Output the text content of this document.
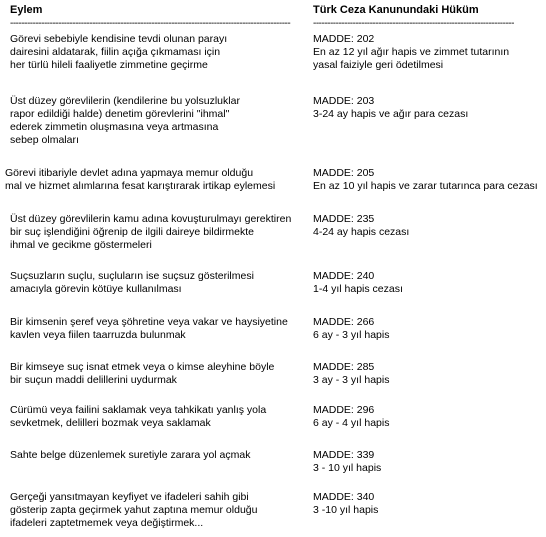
Eylem	Türk Ceza Kanunundaki Hüküm
--------------------------------------------------------------------------------------------------- -----------------------------------------------------------------------
Görevi sebebiyle kendisine tevdi olunan parayı
dairesini aldatarak, fiilin açığa çıkmaması için
her türlü hileli faaliyetle zimmetine geçirme
MADDE: 202
En az 12 yıl ağır hapis ve zimmet tutarının
yasal faiziyle geri ödetilmesi
Üst düzey görevlilerin (kendilerine bu yolsuzluklar
rapor edildiği halde) denetim görevlerini "ihmal"
ederek zimmetin oluşmasına veya artmasına
sebep olmaları
MADDE: 203
3-24 ay hapis ve ağır para cezası
Görevi itibariyle devlet adına yapmaya memur olduğu
mal ve hizmet alımlarına fesat karıştırarak irtikap eylemesi
MADDE: 205
En az 10 yıl hapis ve zarar tutarınca para cezası
Üst düzey görevlilerin kamu adına kovuşturulmayı gerektiren
bir suç işlendiğini öğrenip de ilgili daireye bildirmekte
ihmal ve gecikme göstermeleri
MADDE: 235
4-24 ay hapis cezası
Suçsuzların suçlu, suçluların ise suçsuz gösterilmesi
amacıyla görevin kötüye kullanılması
MADDE: 240
1-4 yıl hapis cezası
Bir kimsenin şeref veya şöhretine veya vakar ve haysiyetine
kavlen veya fiilen taarruzda bulunmak
MADDE: 266
6 ay - 3 yıl hapis
Bir kimseye suç isnat etmek veya o kimse aleyhine böyle
bir suçun maddi delillerini uydurmak
MADDE: 285
3 ay - 3 yıl hapis
Cürümü veya failini saklamak veya tahkikatı yanlış yola
sevketmek, delilleri bozmak veya saklamak
MADDE: 296
6 ay - 4 yıl hapis
Sahte belge düzenlemek suretiyle zarara yol açmak	MADDE: 339
3 - 10 yıl hapis
Gerçeği yansıtmayan keyfiyet ve ifadeleri sahih gibi
gösterip zapta geçirmek yahut zaptına memur olduğu
ifadeleri zaptetmemek veya değiştirmek...
MADDE: 340
3 -10 yıl hapis
